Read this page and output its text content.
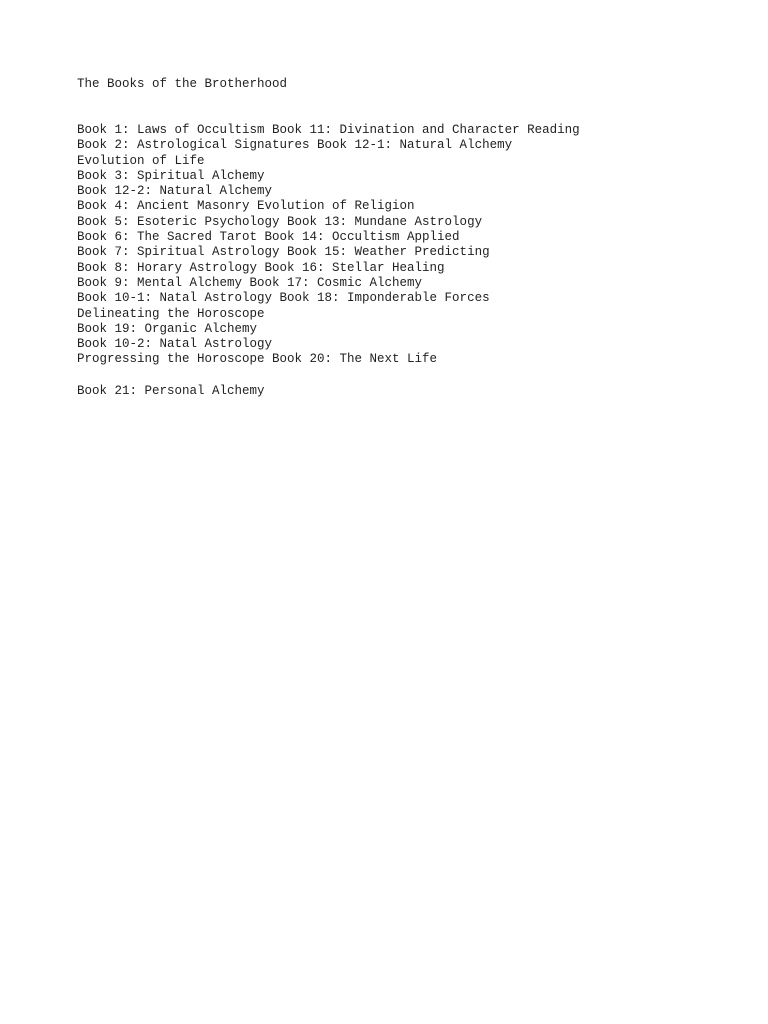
The Books of the Brotherhood
Book 1: Laws of Occultism Book 11: Divination and Character Reading
Book 2: Astrological Signatures Book 12-1: Natural Alchemy
Evolution of Life
Book 3: Spiritual Alchemy
Book 12-2: Natural Alchemy
Book 4: Ancient Masonry Evolution of Religion
Book 5: Esoteric Psychology Book 13: Mundane Astrology
Book 6: The Sacred Tarot Book 14: Occultism Applied
Book 7: Spiritual Astrology Book 15: Weather Predicting
Book 8: Horary Astrology Book 16: Stellar Healing
Book 9: Mental Alchemy Book 17: Cosmic Alchemy
Book 10-1: Natal Astrology Book 18: Imponderable Forces
Delineating the Horoscope
Book 19: Organic Alchemy
Book 10-2: Natal Astrology
Progressing the Horoscope Book 20: The Next Life
Book 21: Personal Alchemy
